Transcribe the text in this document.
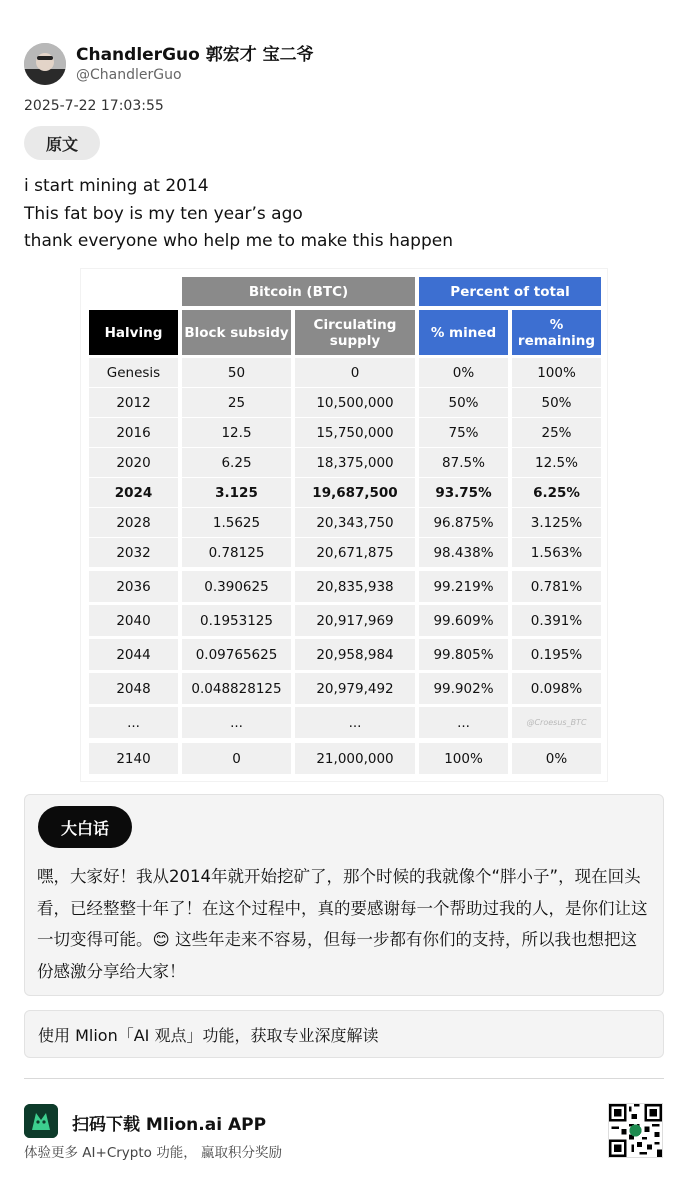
ChandlerGuo 郭宏才 宝二爷
@ChandlerGuo
2025-7-22 17:03:55
原文
i start mining at 2014
This fat boy is my ten year’s ago
thank everyone who help me to make this happen
Bitcoin (BTC)	Percent of total
Halving	Block subsidy	Circulating supply	% mined	% remaining
Genesis	50	0	0%	100%
2012	25	10,500,000	50%	50%
2016	12.5	15,750,000	75%	25%
2020	6.25	18,375,000	87.5%	12.5%
2024	3.125	19,687,500	93.75%	6.25%
2028	1.5625	20,343,750	96.875%	3.125%
2032	0.78125	20,671,875	98.438%	1.563%
2036	0.390625	20,835,938	99.219%	0.781%
2040	0.1953125	20,917,969	99.609%	0.391%
2044	0.09765625	20,958,984	99.805%	0.195%
2048	0.048828125	20,979,492	99.902%	0.098%
...	...	...	...	@Croesus_BTC
2140	0	21,000,000	100%	0%
大白话
嘿，大家好！我从2014年就开始挖矿了，那个时候的我就像个“胖小子”，现在回头看，已经整整十年了！在这个过程中，真的要感谢每一个帮助过我的人，是你们让这一切变得可能。😊 这些年走来不容易，但每一步都有你们的支持，所以我也想把这份感激分享给大家！
使用 Mlion「AI 观点」功能，获取专业深度解读
扫码下载 Mlion.ai APP
体验更多 AI+Crypto 功能， 赢取积分奖励
